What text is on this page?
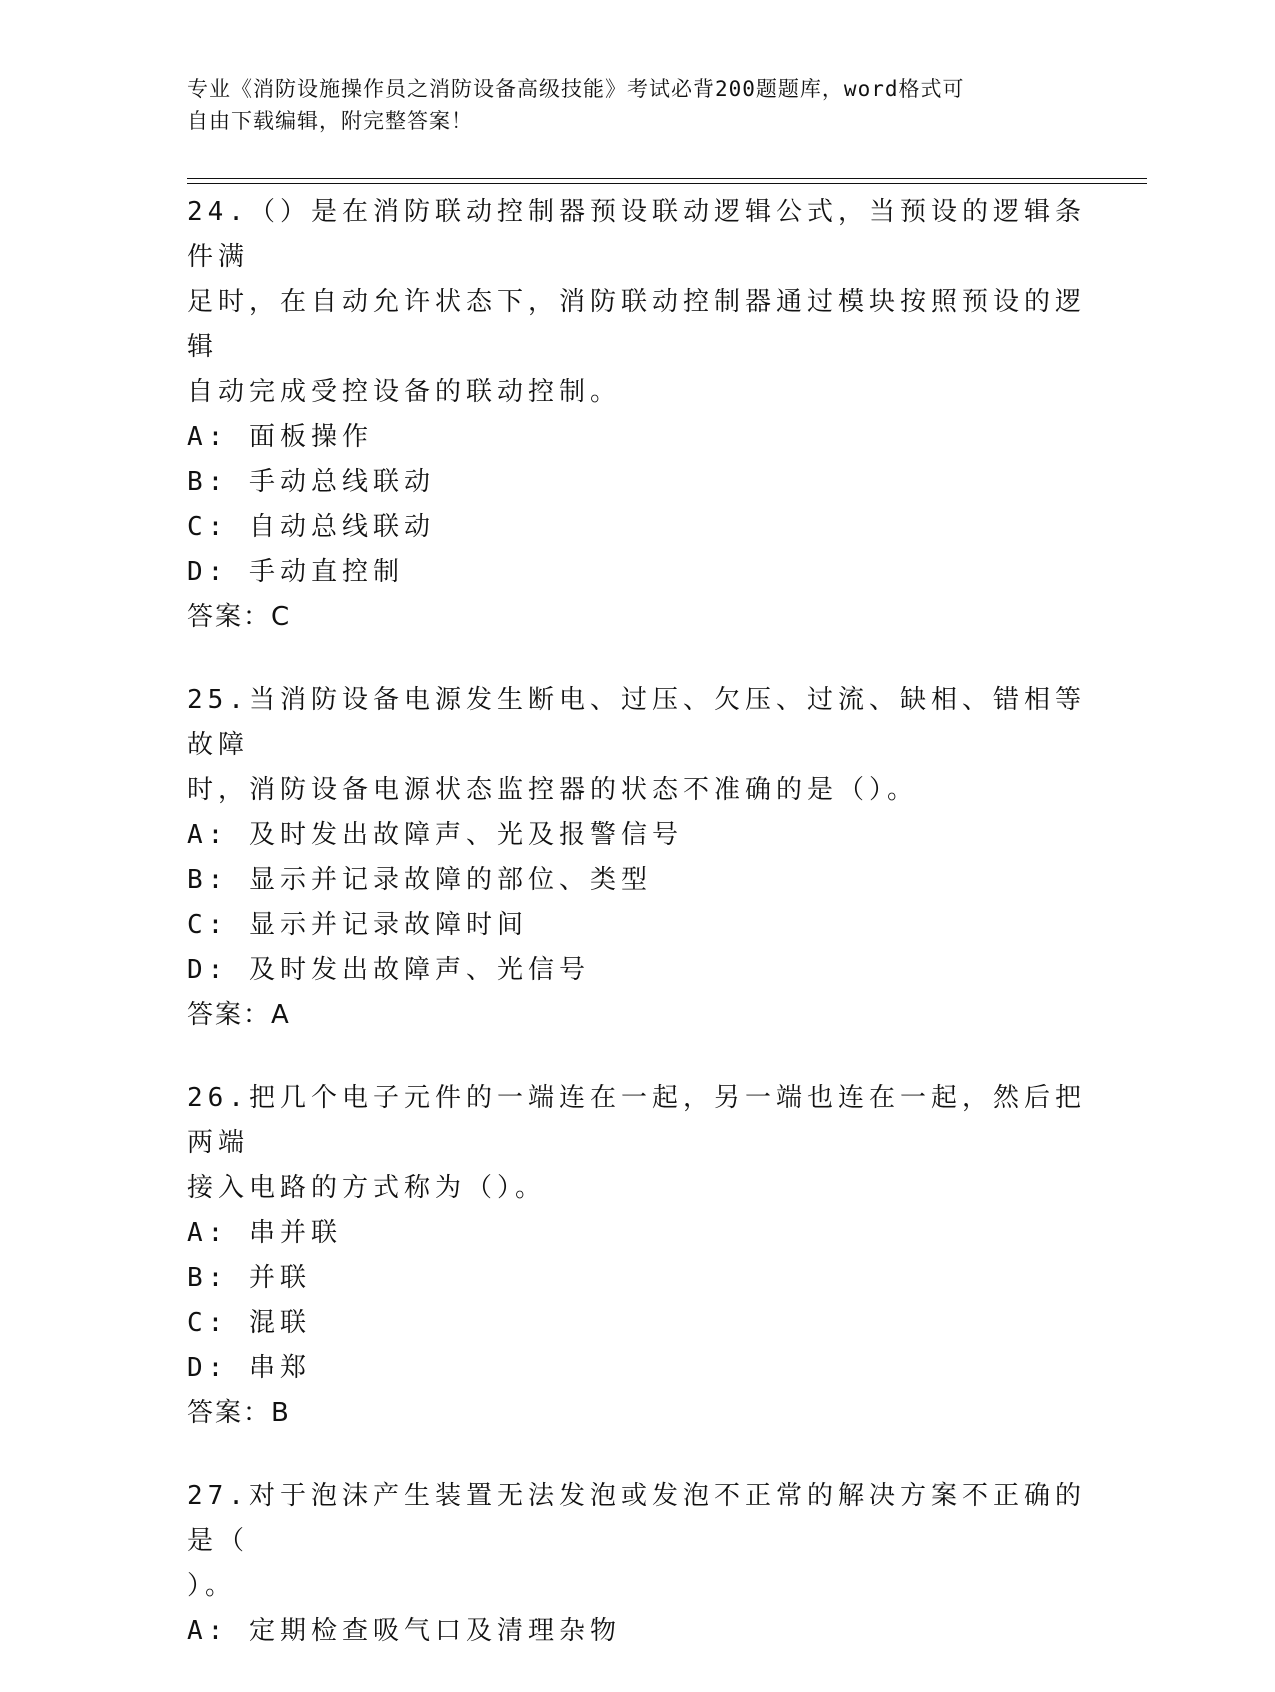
专业《消防设施操作员之消防设备高级技能》考试必背200题题库，word格式可
自由下载编辑，附完整答案！

24.（）是在消防联动控制器预设联动逻辑公式，当预设的逻辑条件满

足时，在自动允许状态下，消防联动控制器通过模块按照预设的逻辑

自动完成受控设备的联动控制。

A: 面板操作

B: 手动总线联动

C: 自动总线联动

D: 手动直控制

答案：C

25.当消防设备电源发生断电、过压、欠压、过流、缺相、错相等故障

时，消防设备电源状态监控器的状态不准确的是（）。

A: 及时发出故障声、光及报警信号

B: 显示并记录故障的部位、类型

C: 显示并记录故障时间

D: 及时发出故障声、光信号

答案：A

26.把几个电子元件的一端连在一起，另一端也连在一起，然后把两端

接入电路的方式称为（）。

A: 串并联

B: 并联

C: 混联

D: 串郑

答案：B

27.对于泡沫产生装置无法发泡或发泡不正常的解决方案不正确的是（

）。

A: 定期检查吸气口及清理杂物
